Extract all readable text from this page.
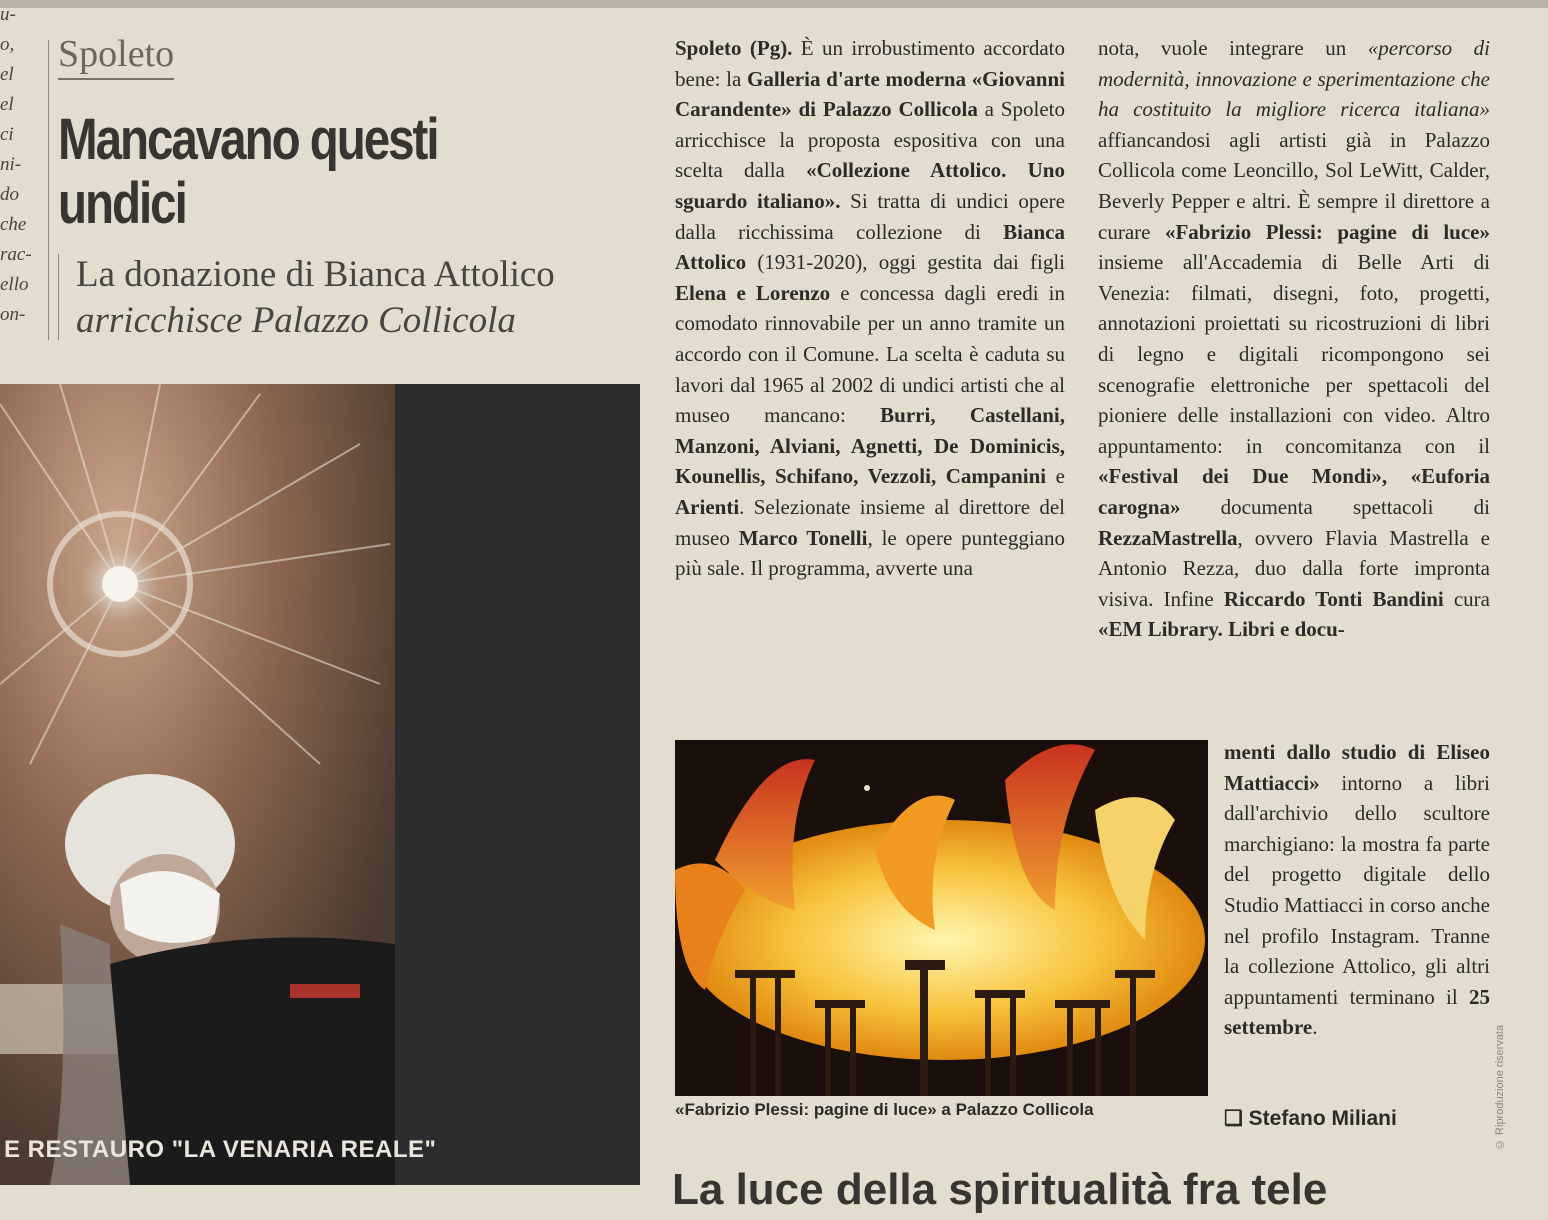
u-
o,
el
el
ci
ni-
do
che
rac-
ello
on-
Spoleto
Mancavano questi
undici
La donazione di Bianca Attolico
arricchisce Palazzo Collicola
E RESTAURO "LA VENARIA REALE"

Spoleto (Pg). È un irrobustimento accordato bene: la Galleria d'arte moderna «Giovanni Carandente» di Palazzo Collicola a Spoleto arricchisce la proposta espositiva con una scelta dalla «Collezione Attolico. Uno sguardo italiano». Si tratta di undici opere dalla ricchissima collezione di Bianca Attolico (1931-2020), oggi gestita dai figli Elena e Lorenzo e concessa dagli eredi in comodato rinnovabile per un anno tramite un accordo con il Comune. La scelta è caduta su lavori dal 1965 al 2002 di undici artisti che al museo mancano: Burri, Castellani, Manzoni, Alviani, Agnetti, De Dominicis, Kounellis, Schifano, Vezzoli, Campanini e Arienti. Selezionate insieme al direttore del museo Marco Tonelli, le opere punteggiano più sale. Il programma, avverte una

nota, vuole integrare un «percorso di modernità, innovazione e sperimentazione che ha costituito la migliore ricerca italiana» affiancandosi agli artisti già in Palazzo Collicola come Leoncillo, Sol LeWitt, Calder, Beverly Pepper e altri. È sempre il direttore a curare «Fabrizio Plessi: pagine di luce» insieme all'Accademia di Belle Arti di Venezia: filmati, disegni, foto, progetti, annotazioni proiettati su ricostruzioni di libri di legno e digitali ricompongono sei scenografie elettroniche per spettacoli del pioniere delle installazioni con video. Altro appuntamento: in concomitanza con il «Festival dei Due Mondi», «Euforia carogna» documenta spettacoli di RezzaMastrella, ovvero Flavia Mastrella e Antonio Rezza, duo dalla forte impronta visiva. Infine Riccardo Tonti Bandini cura «EM Library. Libri e docu-

«Fabrizio Plessi: pagine di luce» a Palazzo Collicola

menti dallo studio di Eliseo Mattiacci» intorno a libri dall'archivio dello scultore marchigiano: la mostra fa parte del progetto digitale dello Studio Mattiacci in corso anche nel profilo Instagram. Tranne la collezione Attolico, gli altri appuntamenti terminano il 25 settembre.

❑ Stefano Miliani	© Riproduzione riservata
La luce della spiritualità fra tele
